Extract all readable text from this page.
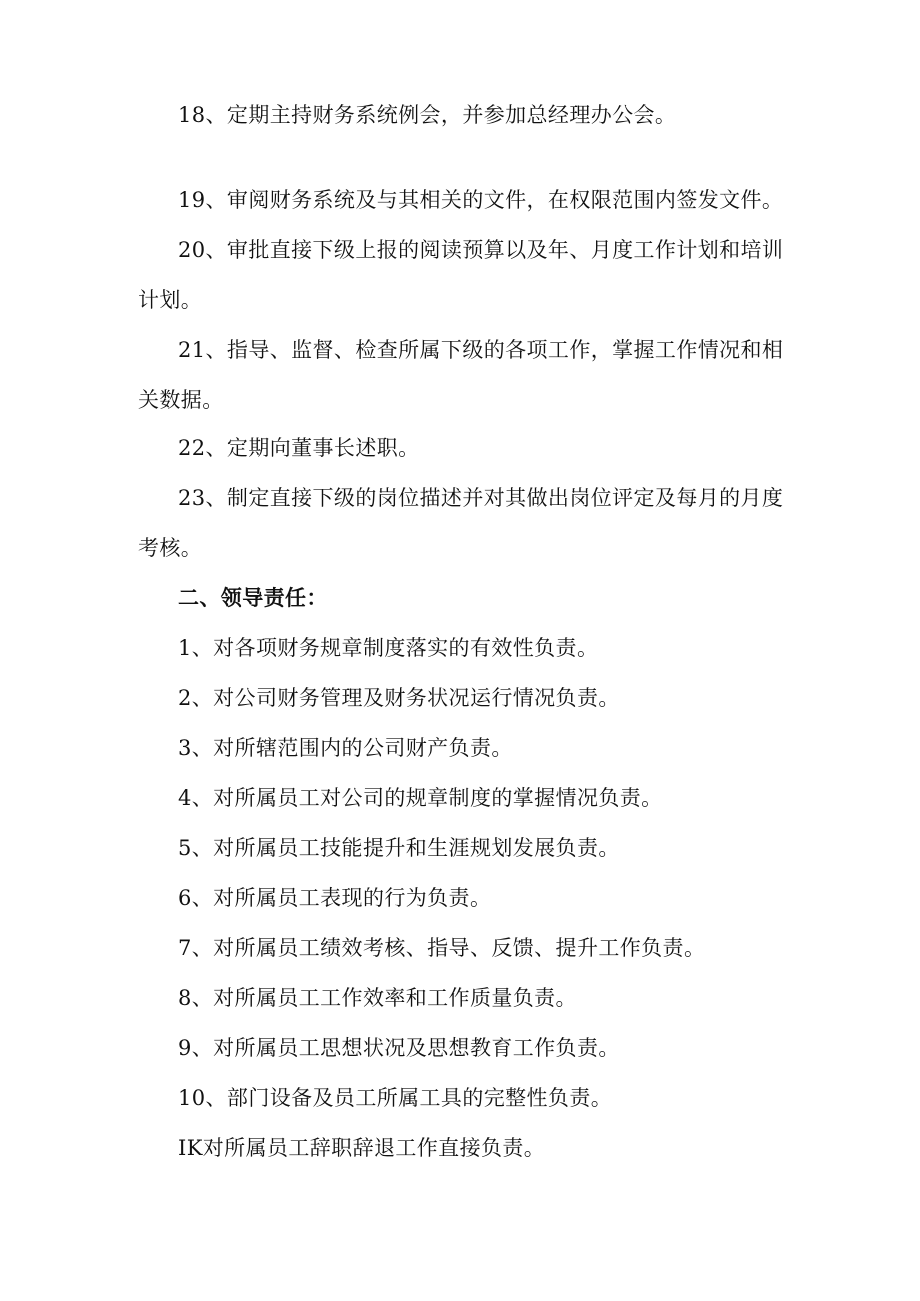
18、定期主持财务系统例会，并参加总经理办公会。

19、审阅财务系统及与其相关的文件，在权限范围内签发文件。

20、审批直接下级上报的阅读预算以及年、月度工作计划和培训计划。

21、指导、监督、检查所属下级的各项工作，掌握工作情况和相关数据。

22、定期向董事长述职。

23、制定直接下级的岗位描述并对其做出岗位评定及每月的月度考核。

二、领导责任：

1、对各项财务规章制度落实的有效性负责。

2、对公司财务管理及财务状况运行情况负责。

3、对所辖范围内的公司财产负责。

4、对所属员工对公司的规章制度的掌握情况负责。

5、对所属员工技能提升和生涯规划发展负责。

6、对所属员工表现的行为负责。

7、对所属员工绩效考核、指导、反馈、提升工作负责。

8、对所属员工工作效率和工作质量负责。

9、对所属员工思想状况及思想教育工作负责。

10、部门设备及员工所属工具的完整性负责。

IK对所属员工辞职辞退工作直接负责。
